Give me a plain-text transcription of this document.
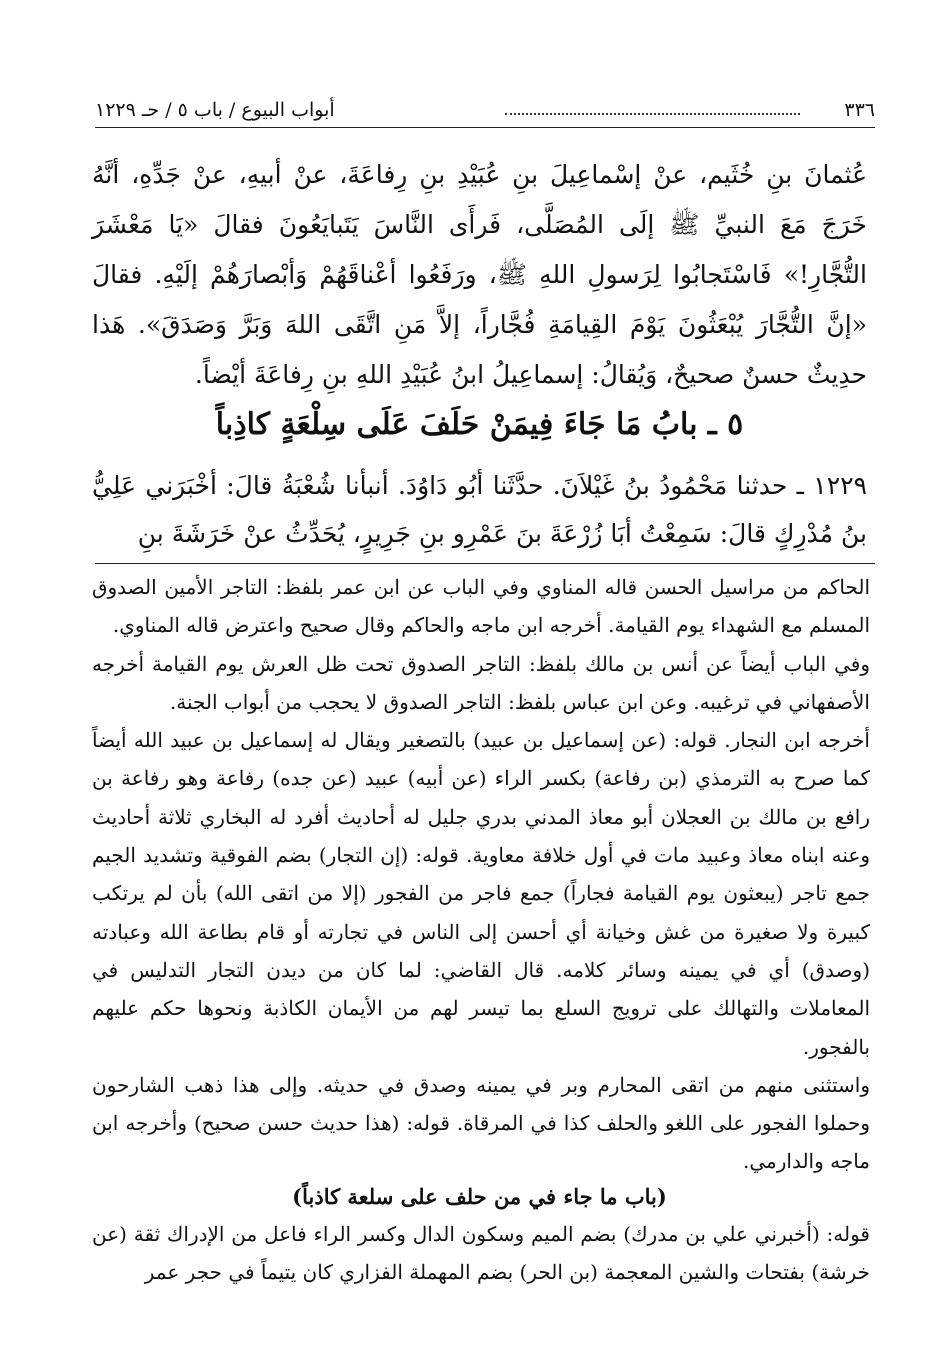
٣٣٦
أبواب البيوع / باب ٥ / حـ ١٢٢٩
عُثمانَ بنِ خُثَيم، عنْ إسْماعِيلَ بنِ عُبَيْدِ بنِ رِفاعَةَ، عنْ أبيهِ، عنْ جَدِّهِ، أنَّهُ خَرَجَ مَعَ النبيِّ ﷺ إلَى المُصَلَّى، فَرأَى النَّاسَ يَتَبايَعُونَ فقالَ «يَا مَعْشَرَ التُّجَّارِ!» فَاسْتَجابُوا لِرَسولِ اللهِ ﷺ، ورَفَعُوا أعْناقَهُمْ وَأبْصارَهُمْ إلَيْهِ. فقالَ «إنَّ التُّجَّارَ يُبْعَثُونَ يَوْمَ القِيامَةِ فُجَّاراً، إلاَّ مَنِ اتَّقَى اللهَ وَبَرَّ وَصَدَقَ». هَذا حدِيثٌ حسنٌ صحيحٌ، وَيُقالُ: إسماعِيلُ ابنُ عُبَيْدِ اللهِ بنِ رِفاعَةَ أيْضاً.
٥ ـ بابُ مَا جَاءَ فِيمَنْ حَلَفَ عَلَى سِلْعَةٍ كاذِباً
١٢٢٩ ـ حدثنا مَحْمُودُ بنُ غَيْلاَنَ. حدَّثَنا أبُو دَاوُدَ. أنبأنا شُعْبَةُ قالَ: أخْبَرَني عَلِيُّ بنُ مُدْرِكٍ قالَ: سَمِعْتُ أبَا زُرْعَةَ بنَ عَمْرِو بنِ جَرِيرٍ، يُحَدِّثُ عنْ خَرَشَةَ بنِ

الحاكم من مراسيل الحسن قاله المناوي وفي الباب عن ابن عمر بلفظ: التاجر الأمين الصدوق المسلم مع الشهداء يوم القيامة. أخرجه ابن ماجه والحاكم وقال صحيح واعترض قاله المناوي.

وفي الباب أيضاً عن أنس بن مالك بلفظ: التاجر الصدوق تحت ظل العرش يوم القيامة أخرجه الأصفهاني في ترغيبه. وعن ابن عباس بلفظ: التاجر الصدوق لا يحجب من أبواب الجنة.

أخرجه ابن النجار. قوله: (عن إسماعيل بن عبيد) بالتصغير ويقال له إسماعيل بن عبيد الله أيضاً كما صرح به الترمذي (بن رفاعة) بكسر الراء (عن أبيه) عبيد (عن جده) رفاعة وهو رفاعة بن رافع بن مالك بن العجلان أبو معاذ المدني بدري جليل له أحاديث أفرد له البخاري ثلاثة أحاديث وعنه ابناه معاذ وعبيد مات في أول خلافة معاوية. قوله: (إن التجار) بضم الفوقية وتشديد الجيم جمع تاجر (يبعثون يوم القيامة فجاراً) جمع فاجر من الفجور (إلا من اتقى الله) بأن لم يرتكب كبيرة ولا صغيرة من غش وخيانة أي أحسن إلى الناس في تجارته أو قام بطاعة الله وعبادته (وصدق) أي في يمينه وسائر كلامه. قال القاضي: لما كان من ديدن التجار التدليس في المعاملات والتهالك على ترويج السلع بما تيسر لهم من الأيمان الكاذبة ونحوها حكم عليهم بالفجور.

واستثنى منهم من اتقى المحارم وبر في يمينه وصدق في حديثه. وإلى هذا ذهب الشارحون وحملوا الفجور على اللغو والحلف كذا في المرقاة. قوله: (هذا حديث حسن صحيح) وأخرجه ابن ماجه والدارمي.

(باب ما جاء في من حلف على سلعة كاذباً)

قوله: (أخبرني علي بن مدرك) بضم الميم وسكون الدال وكسر الراء فاعل من الإدراك ثقة (عن خرشة) بفتحات والشين المعجمة (بن الحر) بضم المهملة الفزاري كان يتيماً في حجر عمر
